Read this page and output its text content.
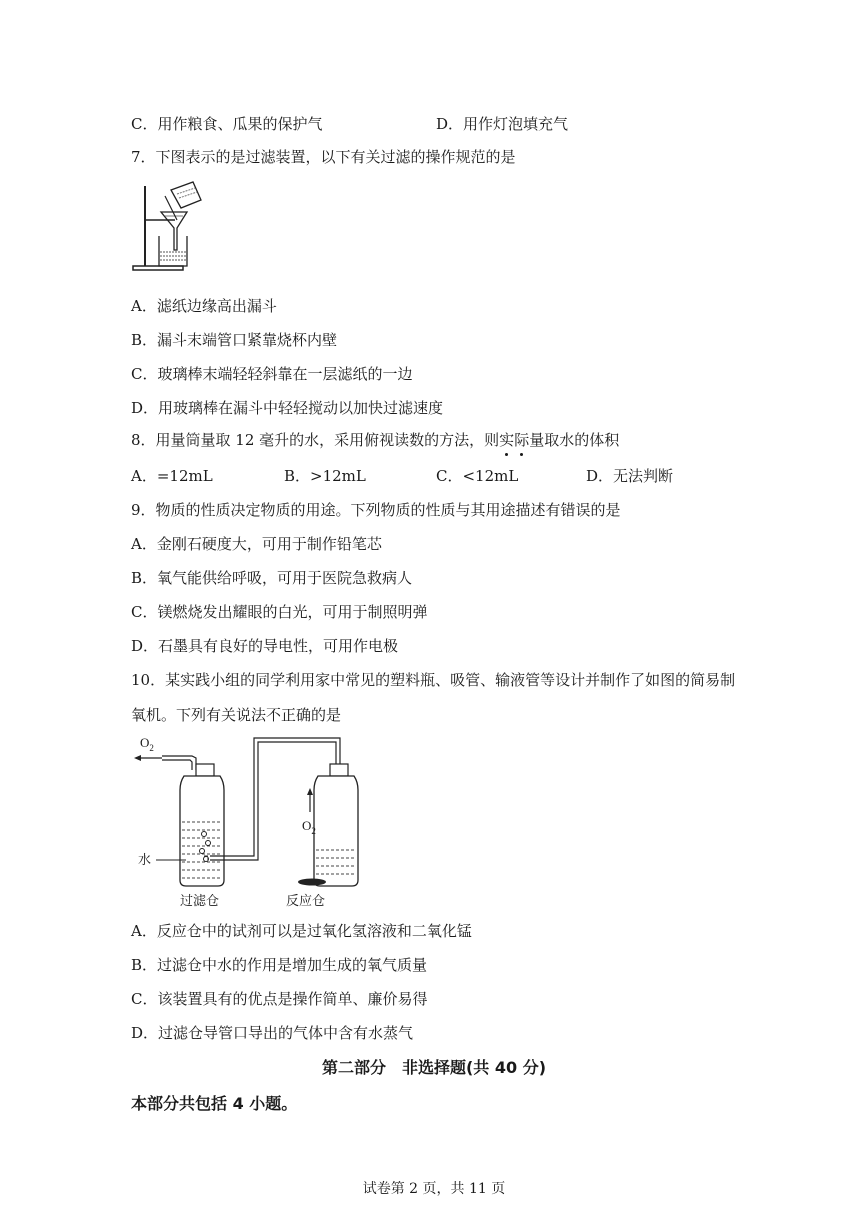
C．用作粮食、瓜果的保护气	D．用作灯泡填充气
7．下图表示的是过滤装置，以下有关过滤的操作规范的是
A．滤纸边缘高出漏斗
B．漏斗末端管口紧靠烧杯内壁
C．玻璃棒末端轻轻斜靠在一层滤纸的一边
D．用玻璃棒在漏斗中轻轻搅动以加快过滤速度
8．用量筒量取 12 毫升的水，采用俯视读数的方法，则实际量取水的体积
A．=12mL	B．>12mL	C．<12mL	D．无法判断
9．物质的性质决定物质的用途。下列物质的性质与其用途描述有错误的是
A．金刚石硬度大，可用于制作铅笔芯
B．氧气能供给呼吸，可用于医院急救病人
C．镁燃烧发出耀眼的白光，可用于制照明弹
D．石墨具有良好的导电性，可用作电极
10．某实践小组的同学利用家中常见的塑料瓶、吸管、输液管等设计并制作了如图的简易制
氧机。下列有关说法不正确的是
$O_2$
水
$O_2$
过滤仓	反应仓
A．反应仓中的试剂可以是过氧化氢溶液和二氧化锰
B．过滤仓中水的作用是增加生成的氧气质量
C．该装置具有的优点是操作简单、廉价易得
D．过滤仓导管口导出的气体中含有水蒸气
第二部分　非选择题(共 40 分)
本部分共包括 4 小题。
试卷第 2 页，共 11 页
